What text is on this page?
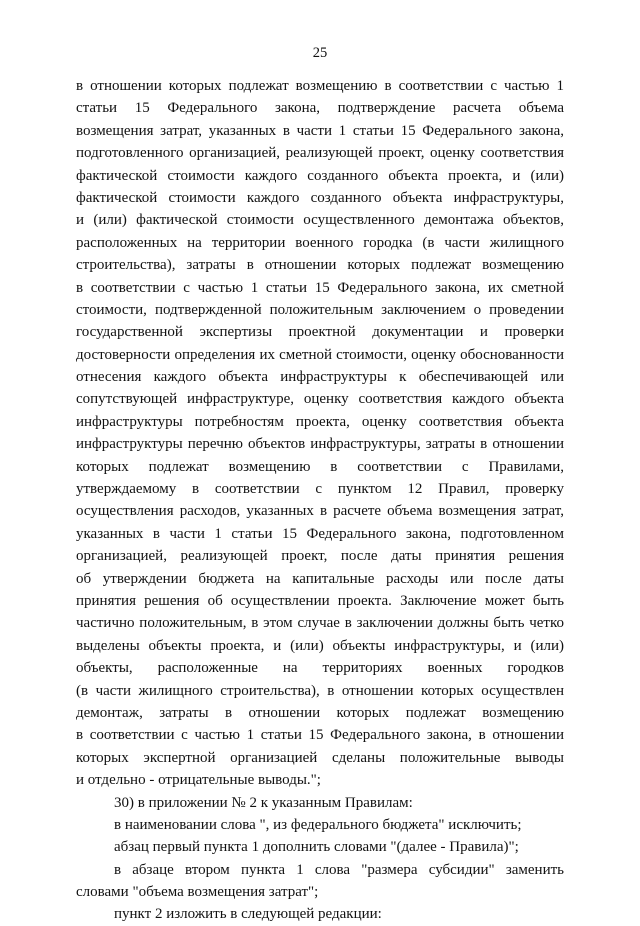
25
в отношении которых подлежат возмещению в соответствии с частью 1
статьи 15 Федерального закона, подтверждение расчета объема
возмещения затрат, указанных в части 1 статьи 15 Федерального закона,
подготовленного организацией, реализующей проект, оценку соответствия
фактической стоимости каждого созданного объекта проекта, и (или)
фактической стоимости каждого созданного объекта инфраструктуры,
и (или) фактической стоимости осуществленного демонтажа объектов,
расположенных на территории военного городка (в части жилищного
строительства), затраты в отношении которых подлежат возмещению
в соответствии с частью 1 статьи 15 Федерального закона, их сметной
стоимости, подтвержденной положительным заключением о проведении
государственной экспертизы проектной документации и проверки
достоверности определения их сметной стоимости, оценку обоснованности
отнесения каждого объекта инфраструктуры к обеспечивающей или
сопутствующей инфраструктуре, оценку соответствия каждого объекта
инфраструктуры потребностям проекта, оценку соответствия объекта
инфраструктуры перечню объектов инфраструктуры, затраты в отношении
которых подлежат возмещению в соответствии с Правилами,
утверждаемому в соответствии с пунктом 12 Правил, проверку
осуществления расходов, указанных в расчете объема возмещения затрат,
указанных в части 1 статьи 15 Федерального закона, подготовленном
организацией, реализующей проект, после даты принятия решения
об утверждении бюджета на капитальные расходы или после даты
принятия решения об осуществлении проекта. Заключение может быть
частично положительным, в этом случае в заключении должны быть четко
выделены объекты проекта, и (или) объекты инфраструктуры, и (или)
объекты, расположенные на территориях военных городков
(в части жилищного строительства), в отношении которых осуществлен
демонтаж, затраты в отношении которых подлежат возмещению
в соответствии с частью 1 статьи 15 Федерального закона, в отношении
которых экспертной организацией сделаны положительные выводы
и отдельно - отрицательные выводы.";
30) в приложении № 2 к указанным Правилам:
в наименовании слова ", из федерального бюджета" исключить;
абзац первый пункта 1 дополнить словами "(далее - Правила)";
в абзаце втором пункта 1 слова "размера субсидии" заменить
словами "объема возмещения затрат";
пункт 2 изложить в следующей редакции:
